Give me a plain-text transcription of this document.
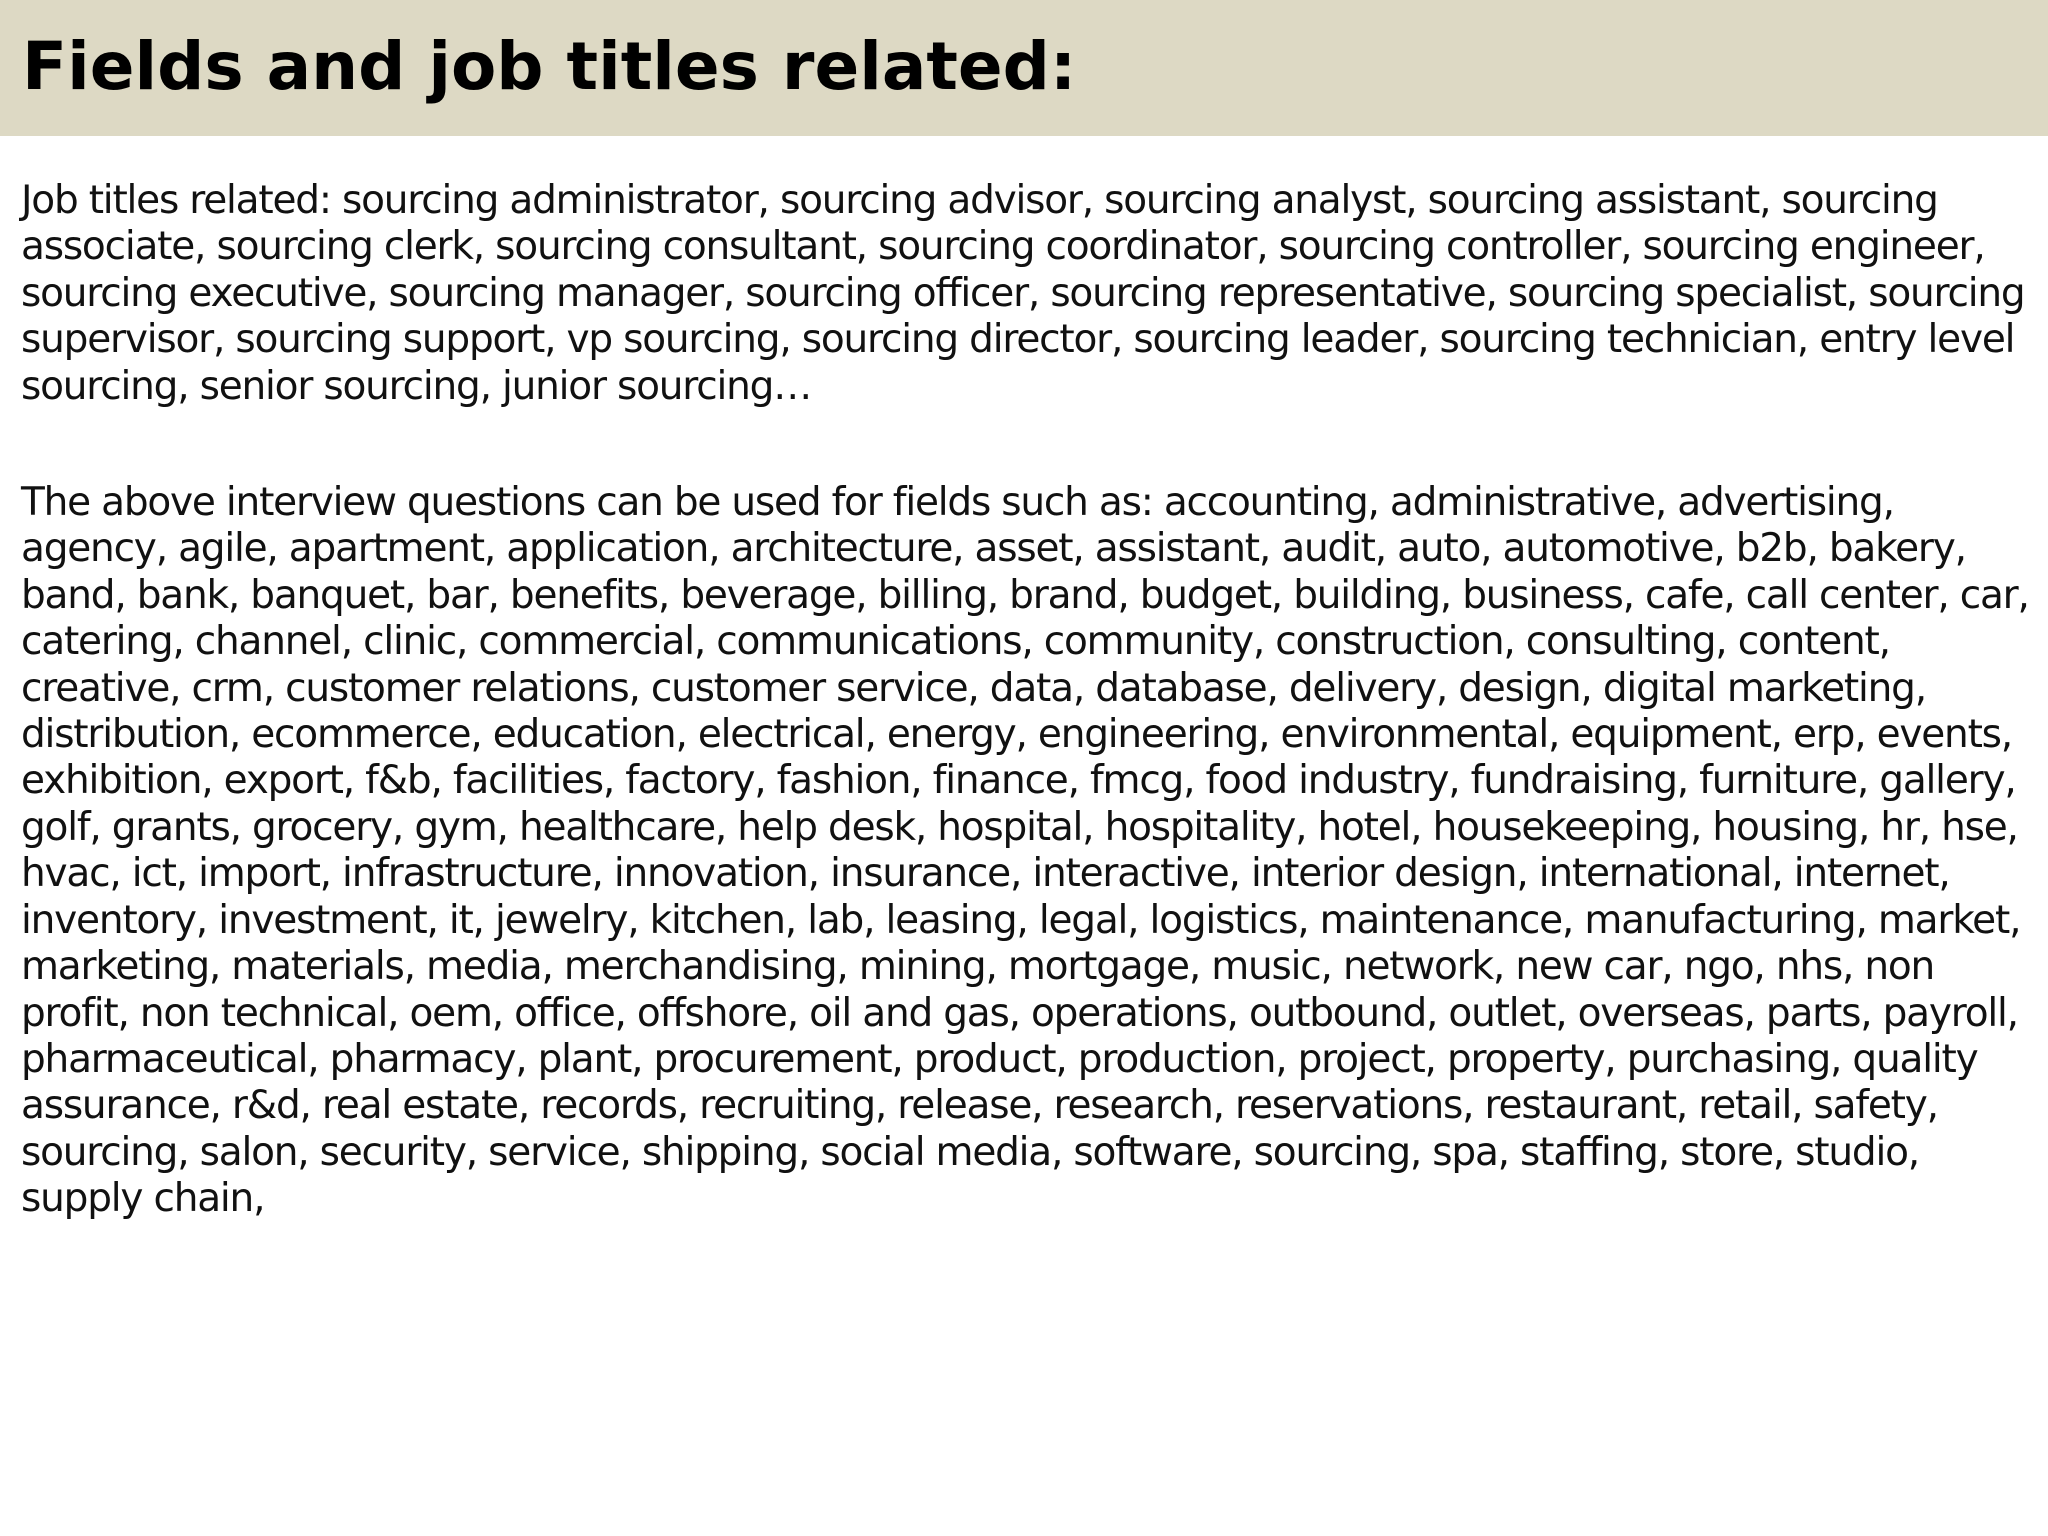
Fields and job titles related:

Job titles related: sourcing administrator, sourcing advisor, sourcing analyst, sourcing assistant, sourcing associate, sourcing clerk, sourcing consultant, sourcing coordinator, sourcing controller, sourcing engineer, sourcing executive, sourcing manager, sourcing officer, sourcing representative, sourcing specialist, sourcing supervisor, sourcing support, vp sourcing, sourcing director, sourcing leader, sourcing technician, entry level sourcing, senior sourcing, junior sourcing…

The above interview questions can be used for fields such as: accounting, administrative, advertising, agency, agile, apartment, application, architecture, asset, assistant, audit, auto, automotive, b2b, bakery, band, bank, banquet, bar, benefits, beverage, billing, brand, budget, building, business, cafe, call center, car, catering, channel, clinic, commercial, communications, community, construction, consulting, content, creative, crm, customer relations, customer service, data, database, delivery, design, digital marketing, distribution, ecommerce, education, electrical, energy, engineering, environmental, equipment, erp, events, exhibition, export, f&b, facilities, factory, fashion, finance, fmcg, food industry, fundraising, furniture, gallery, golf, grants, grocery, gym, healthcare, help desk, hospital, hospitality, hotel, housekeeping, housing, hr, hse, hvac, ict, import, infrastructure, innovation, insurance, interactive, interior design, international, internet, inventory, investment, it, jewelry, kitchen, lab, leasing, legal, logistics, maintenance, manufacturing, market, marketing, materials, media, merchandising, mining, mortgage, music, network, new car, ngo, nhs, non profit, non technical, oem, office, offshore, oil and gas, operations, outbound, outlet, overseas, parts, payroll, pharmaceutical, pharmacy, plant, procurement, product, production, project, property, purchasing, quality assurance, r&d, real estate, records, recruiting, release, research, reservations, restaurant, retail, safety, sourcing, salon, security, service, shipping, social media, software, sourcing, spa, staffing, store, studio, supply chain,
